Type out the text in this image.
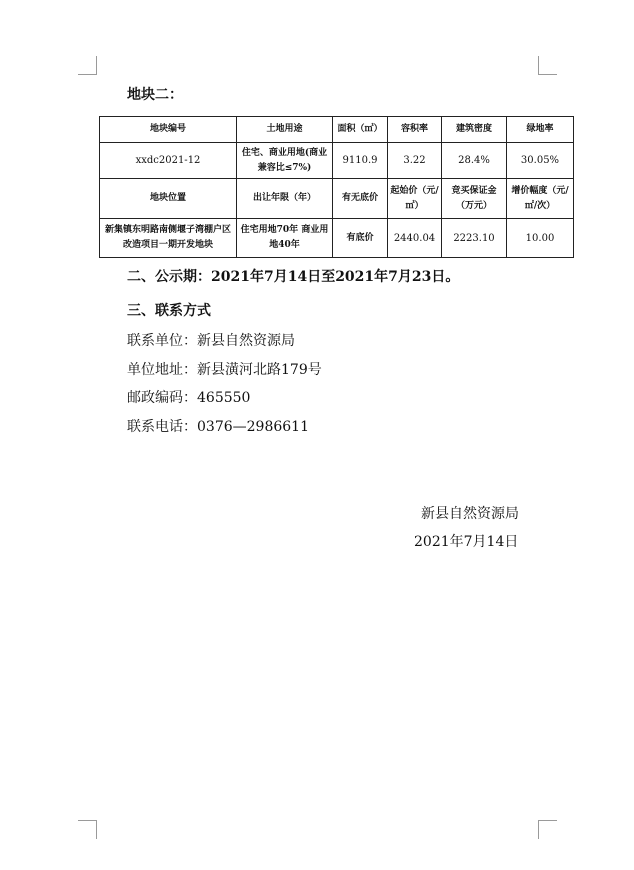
地块二：
地块编号	土地用途	面积（㎡）	容积率	建筑密度	绿地率
xxdc2021-12	住宅、商业用地(商业兼容比≤7%)	9110.9	3.22	28.4%	30.05%
地块位置	出让年限（年）	有无底价	起始价（元/㎡）	竞买保证金（万元）	增价幅度（元/㎡/次）
新集镇东明路南侧堰子湾棚户区改造项目一期开发地块	住宅用地70年 商业用地40年	有底价	2440.04	2223.10	10.00
二、公示期：2021年7月14日至2021年7月23日。
三、联系方式
联系单位：新县自然资源局
单位地址：新县潢河北路179号
邮政编码：465550
联系电话：0376—2986611
新县自然资源局
2021年7月14日
